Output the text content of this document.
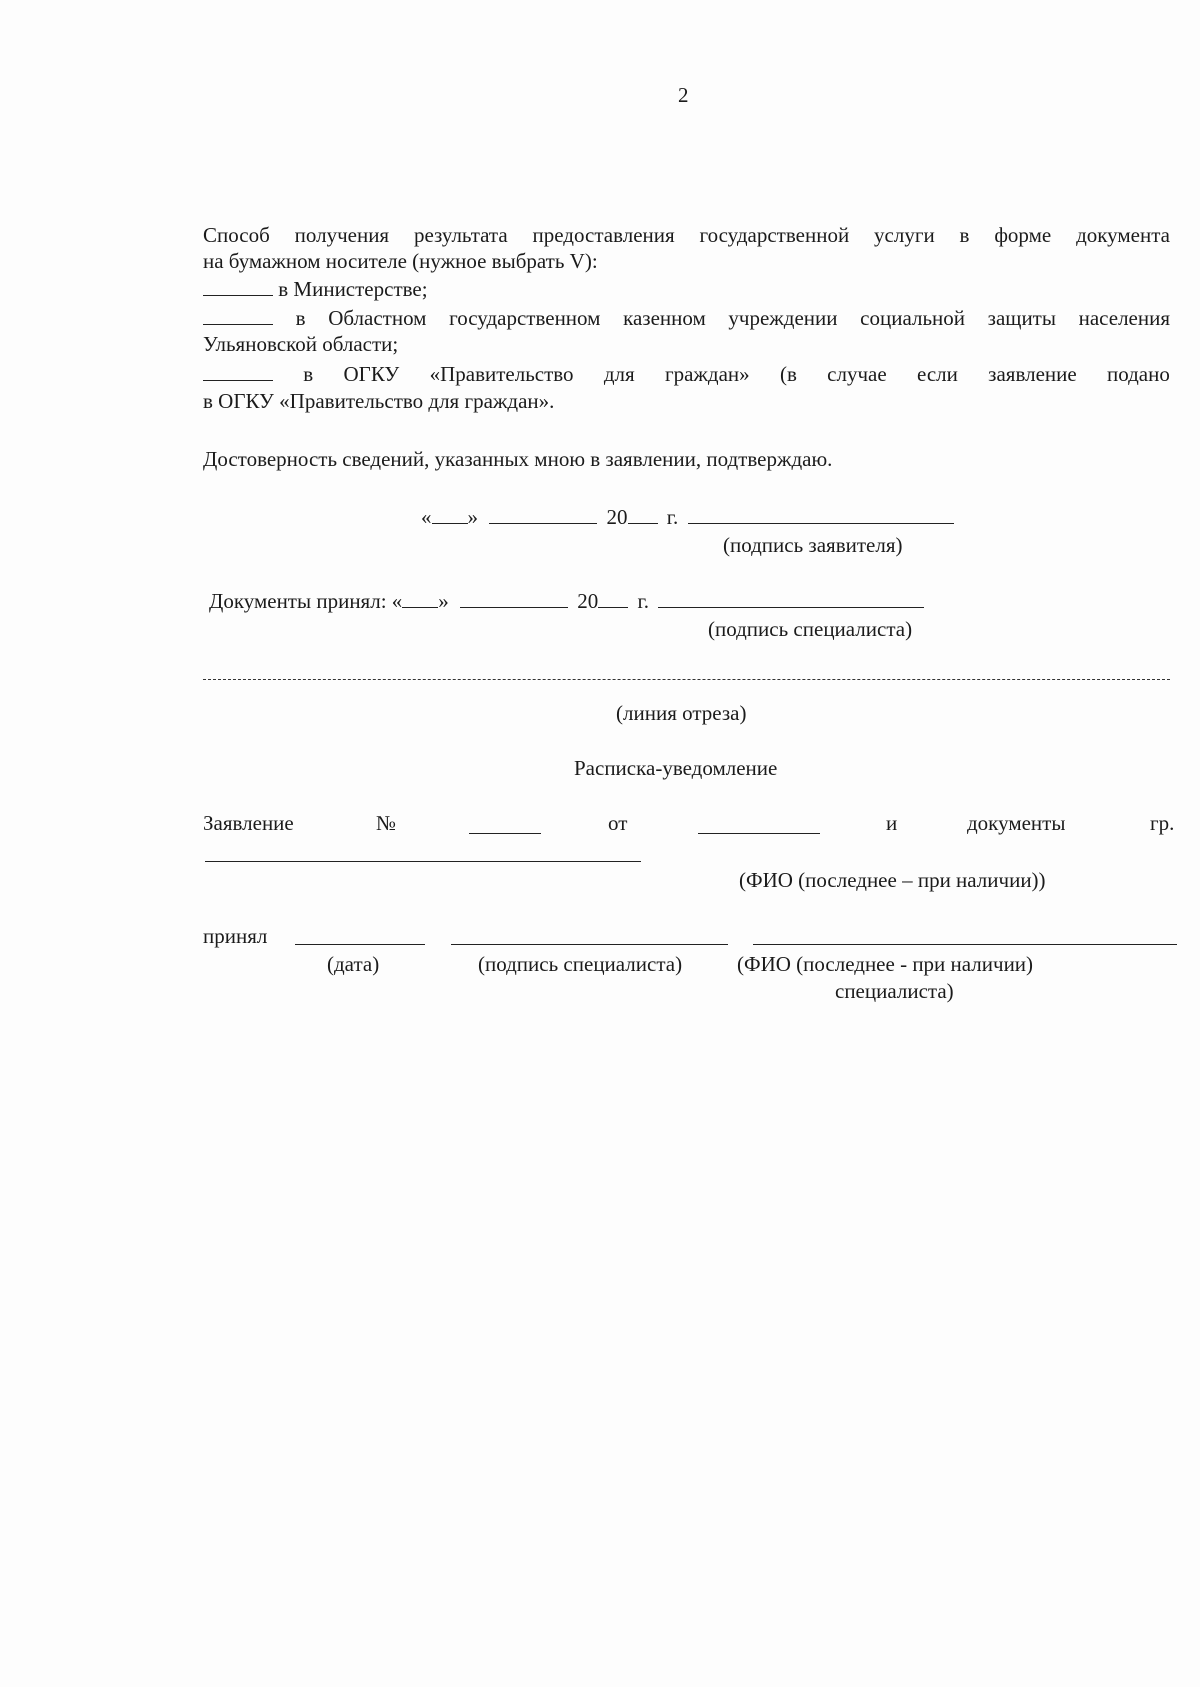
2
Способ получения результата предоставления государственной услуги в форме документа
на бумажном носителе (нужное выбрать V):
в Министерстве;
в Областном государственном казенном учреждении социальной защиты населения
Ульяновской области;
в ОГКУ «Правительство для граждан» (в случае если заявление подано
в ОГКУ «Правительство для граждан».
Достоверность сведений, указанных мною в заявлении, подтверждаю.
« »	20 г.
(подпись заявителя)
Документы принял: « »	20 г.
(подпись специалиста)
(линия отреза)
Расписка-уведомление
Заявление	№	от	и	документы	гр.
(ФИО (последнее – при наличии))
принял
(дата)	(подпись специалиста)	(ФИО (последнее - при наличии)
специалиста)
